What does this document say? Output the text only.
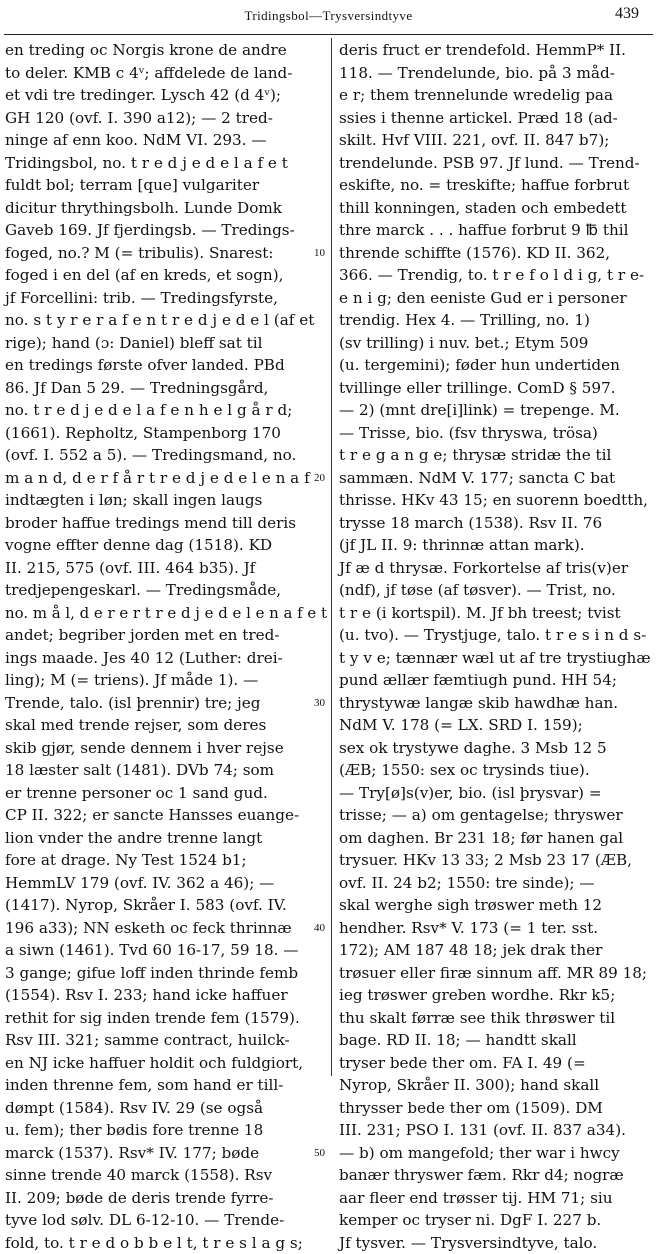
Tridingsbol—Trysversindtyve	439
en treding oc Norgis krone de andre
to deler. KMB c 4ᵛ; affdelede de land-
et vdi tre tredinger. Lysch 42 (d 4ᵛ);
GH 120 (ovf. I. 390 a12); — 2 tred-
ninge af enn koo. NdM VI. 293. —
Tridingsbol, no. t r e d j e d e l a f e t
fuldt bol; terram [que] vulgariter
dicitur thrythingsbolh. Lunde Domk
Gaveb 169. Jf fjerdingsb. — Tredings-
foged, no.? M (= tribulis). Snarest:
foged i en del (af en kreds, et sogn),
jf Forcellini: trib. — Tredingsfyrste,
no. s t y r e r a f e n t r e d j e d e l (af et
rige); hand (ɔ: Daniel) bleff sat til
en tredings første ofver landed. PBd
86. Jf Dan 5 29. — Tredningsgård,
no. t r e d j e d e l a f e n h e l g å r d;
(1661). Repholtz, Stampenborg 170
(ovf. I. 552 a 5). — Tredingsmand, no.
m a n d, d e r f å r t r e d j e d e l e n a f
indtægten i løn; skall ingen laugs
broder haffue tredings mend till deris
vogne effter denne dag (1518). KD
II. 215, 575 (ovf. III. 464 b35). Jf
tredjepengeskarl. — Tredingsmåde,
no. m å l, d e r e r t r e d j e d e l e n a f e t
andet; begriber jorden met en tred-
ings maade. Jes 40 12 (Luther: drei-
ling); M (= triens). Jf måde 1). —
Trende, talo. (isl þrennir) tre; jeg
skal med trende rejser, som deres
skib gjør, sende dennem i hver rejse
18 læster salt (1481). DVb 74; som
er trenne personer oc 1 sand gud.
CP II. 322; er sancte Hansses euange-
lion vnder the andre trenne langt
fore at drage. Ny Test 1524 b1;
HemmLV 179 (ovf. IV. 362 a 46); —
(1417). Nyrop, Skråer I. 583 (ovf. IV.
196 a33); NN esketh oc feck thrinnæ
a siwn (1461). Tvd 60 16-17, 59 18. —
3 gange; gifue loff inden thrinde femb
(1554). Rsv I. 233; hand icke haffuer
rethit for sig inden trende fem (1579).
Rsv III. 321; samme contract, huilck-
en NJ icke haffuer holdit och fuldgiort,
inden threnne fem, som hand er till-
dømpt (1584). Rsv IV. 29 (se også
u. fem); ther bødis fore trenne 18
marck (1537). Rsv* IV. 177; bøde
sinne trende 40 marck (1558). Rsv
II. 209; bøde de deris trende fyrre-
tyve lod sølv. DL 6-12-10. — Trende-
fold, to. t r e d o b b e l t, t r e s l a g s;
10
20
30
40
50
deris fruct er trendefold. HemmP* II.
118. — Trendelunde, bio. på 3 måd-
e r; them trennelunde wredelig paa
ssies i thenne artickel. Præd 18 (ad-
skilt. Hvf VIII. 221, ovf. II. 847 b7);
trendelunde. PSB 97. Jf lund. — Trend-
eskifte, no. = treskifte; haffue forbrut
thill konningen, staden och embedett
thre marck . . . haffue forbrut 9 ℔ thil
thrende schiffte (1576). KD II. 362,
366. — Trendig, to. t r e f o l d i g, t r e-
e n i g; den eeniste Gud er i personer
trendig. Hex 4. — Trilling, no. 1)
(sv trilling) i nuv. bet.; Etym 509
(u. tergemini); føder hun undertiden
tvillinge eller trillinge. ComD § 597.
— 2) (mnt dre[i]link) = trepenge. M.
— Trisse, bio. (fsv thryswa, trösa)
t r e g a n g e; thrysæ stridæ the til
sammæn. NdM V. 177; sancta C bat
thrisse. HKv 43 15; en suorenn boedtth,
trysse 18 march (1538). Rsv II. 76
(jf JL II. 9: thrinnæ attan mark).
Jf æ d thrysæ. Forkortelse af tris(v)er
(ndf), jf tøse (af tøsver). — Trist, no.
t r e (i kortspil). M. Jf bh treest; tvist
(u. tvo). — Trystjuge, talo. t r e s i n d s-
t y v e; tænnær wæl ut af tre trystiughæ
pund ællær fæmtiugh pund. HH 54;
thrystywæ langæ skib hawdhæ han.
NdM V. 178 (= LX. SRD I. 159);
sex ok trystywe daghe. 3 Msb 12 5
(ÆB; 1550: sex oc trysinds tiue).
— Try[ø]s(v)er, bio. (isl þrysvar) =
trisse; — a) om gentagelse; thryswer
om daghen. Br 231 18; før hanen gal
trysuer. HKv 13 33; 2 Msb 23 17 (ÆB,
ovf. II. 24 b2; 1550: tre sinde); —
skal werghe sigh trøswer meth 12
hendher. Rsv* V. 173 (= 1 ter. sst.
172); AM 187 48 18; jek drak ther
trøsuer eller firæ sinnum aff. MR 89 18;
ieg trøswer greben wordhe. Rkr k5;
thu skalt førræ see thik thrøswer til
bage. RD II. 18; — handtt skall
tryser bede ther om. FA I. 49 (=
Nyrop, Skråer II. 300); hand skall
thrysser bede ther om (1509). DM
III. 231; PSO I. 131 (ovf. II. 837 a34).
— b) om mangefold; ther war i hwcy
banær thryswer fæm. Rkr d4; nogræ
aar fleer end trøsser tij. HM 71; siu
kemper oc tryser ni. DgF I. 227 b.
Jf tysver. — Trysversindtyve, talo.
